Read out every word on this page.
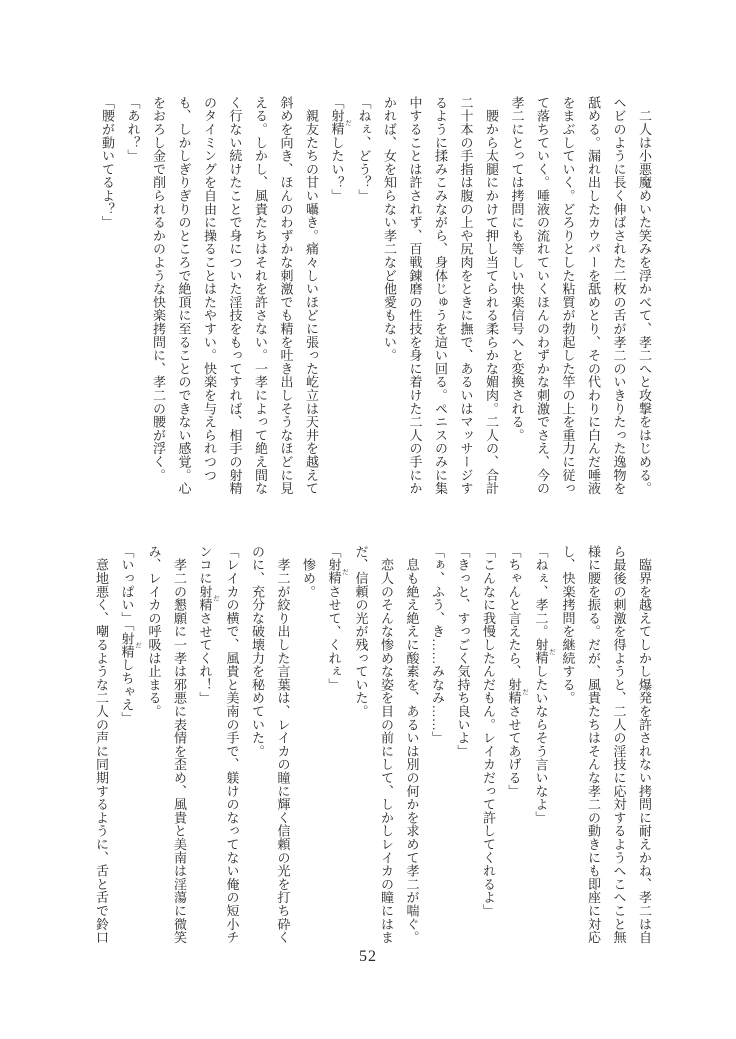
　二人は小悪魔めいた笑みを浮かべて、孝二へと攻撃をはじめる。

ヘビのように長く伸ばされた二枚の舌が孝二のいきりたった逸物を

舐める。漏れ出したカウパーを舐めとり、その代わりに白んだ唾液

をまぶしていく。どろりとした粘質が勃起した竿の上を重力に従っ

て落ちていく。唾液の流れていくほんのわずかな刺激でさえ、今の

孝二にとっては拷問にも等しい快楽信号へと変換される。

　腰から太腿にかけて押し当てられる柔らかな媚肉。二人の、合計

二十本の手指は腹の上や尻肉をときに撫で、あるいはマッサージす

るように揉みこみながら、身体じゅうを這い回る。ペニスのみに集

中することは許されず、百戦錬磨の性技を身に着けた二人の手にか

かれば、女を知らない孝二など他愛もない。

「ねぇ、どう？」

「射精 だしたい？」

　親友たちの甘い囁き。痛々しいほどに張った屹立は天井を越えて

斜めを向き、ほんのわずかな刺激でも精を吐き出しそうなほどに見

える。しかし、風貴たちはそれを許さない。一孝によって絶え間な

く行ない続けたことで身についた淫技をもってすれば、相手の射精

のタイミングを自由に操ることはたやすい。快楽を与えられつつ

も、しかしぎりぎりのところで絶頂に至ることのできない感覚。心

をおろし金で削られるかのような快楽拷問に、孝二の腰が浮く。

「あれ？」

「腰が動いてるよ？」

　臨界を越えてしかし爆発を許されない拷問に耐えかね、孝二は自

ら最後の刺激を得ようと、二人の淫技に応対するようへこへこと無

様に腰を振る。だが、風貴たちはそんな孝二の動きにも即座に対応

し、快楽拷問を継続する。

「ねぇ、孝二。射精 だしたいならそう言いなよ」

「ちゃんと言えたら、射精 ださせてあげる」

「こんなに我慢したんだもん。レイカだって許してくれるよ」

「きっと、すっごく気持ち良いよ」

「ぁ、ふう、き……みなみ……」

　息も絶え絶えに酸素を、あるいは別の何かを求めて孝二が喘ぐ。

　恋人のそんな惨めな姿を目の前にして、しかしレイカの瞳にはま

だ、信頼の光が残っていた。

「射精 ださせて、くれぇ」

　惨め。

　孝二が絞り出した言葉は、レイカの瞳に輝く信頼の光を打ち砕く

のに、充分な破壊力を秘めていた。

「レイカの横で、風貴と美南の手で、躾けのなってない俺の短小チ

ンコに射精 ださせてくれ！」

　孝二の懇願に一孝は邪悪に表情を歪め、風貴と美南は淫蕩に微笑

み、レイカの呼吸は止まる。

「いっぱい」「射精 だしちゃえ」

　意地悪く、嘲るような二人の声に同期するように、舌と舌で鈴口

52
